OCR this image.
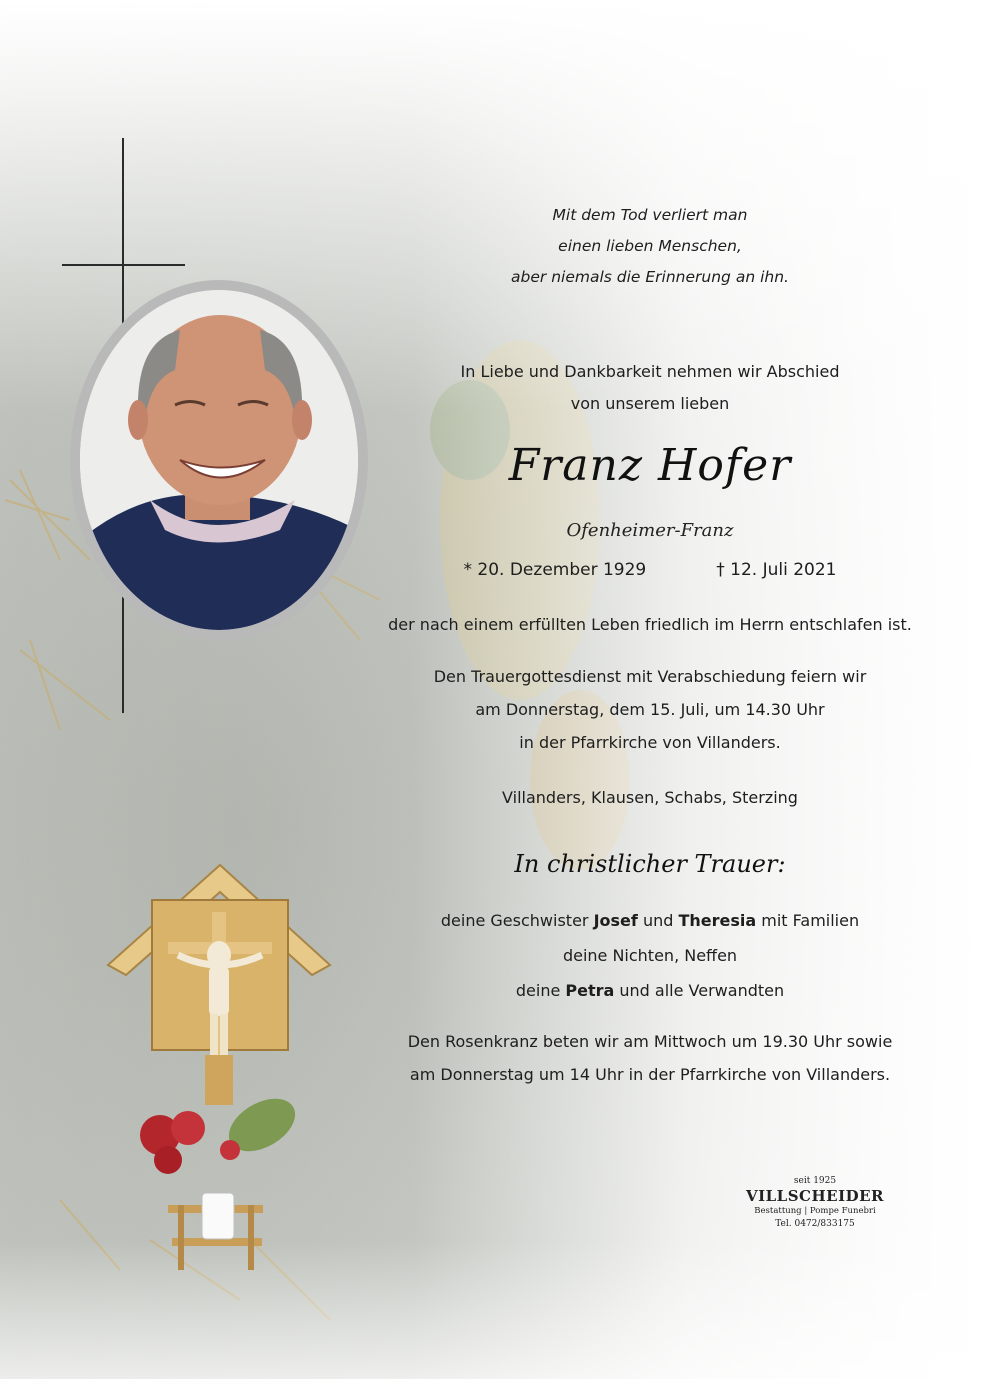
Mit dem Tod verliert man
einen lieben Menschen,
aber niemals die Erinnerung an ihn.
In Liebe und Dankbarkeit nehmen wir Abschied
von unserem lieben
Franz Hofer
Ofenheimer-Franz
* 20. Dezember 1929	† 12. Juli 2021
der nach einem erfüllten Leben friedlich im Herrn entschlafen ist.
Den Trauergottesdienst mit Verabschiedung feiern wir
am Donnerstag, dem 15. Juli, um 14.30 Uhr
in der Pfarrkirche von Villanders.
Villanders, Klausen, Schabs, Sterzing
In christlicher Trauer:
deine Geschwister Josef und Theresia mit Familien
deine Nichten, Neffen
deine Petra und alle Verwandten
Den Rosenkranz beten wir am Mittwoch um 19.30 Uhr sowie
am Donnerstag um 14 Uhr in der Pfarrkirche von Villanders.
seit 1925
VILLSCHEIDER
Bestattung | Pompe Funebri
Tel. 0472/833175
